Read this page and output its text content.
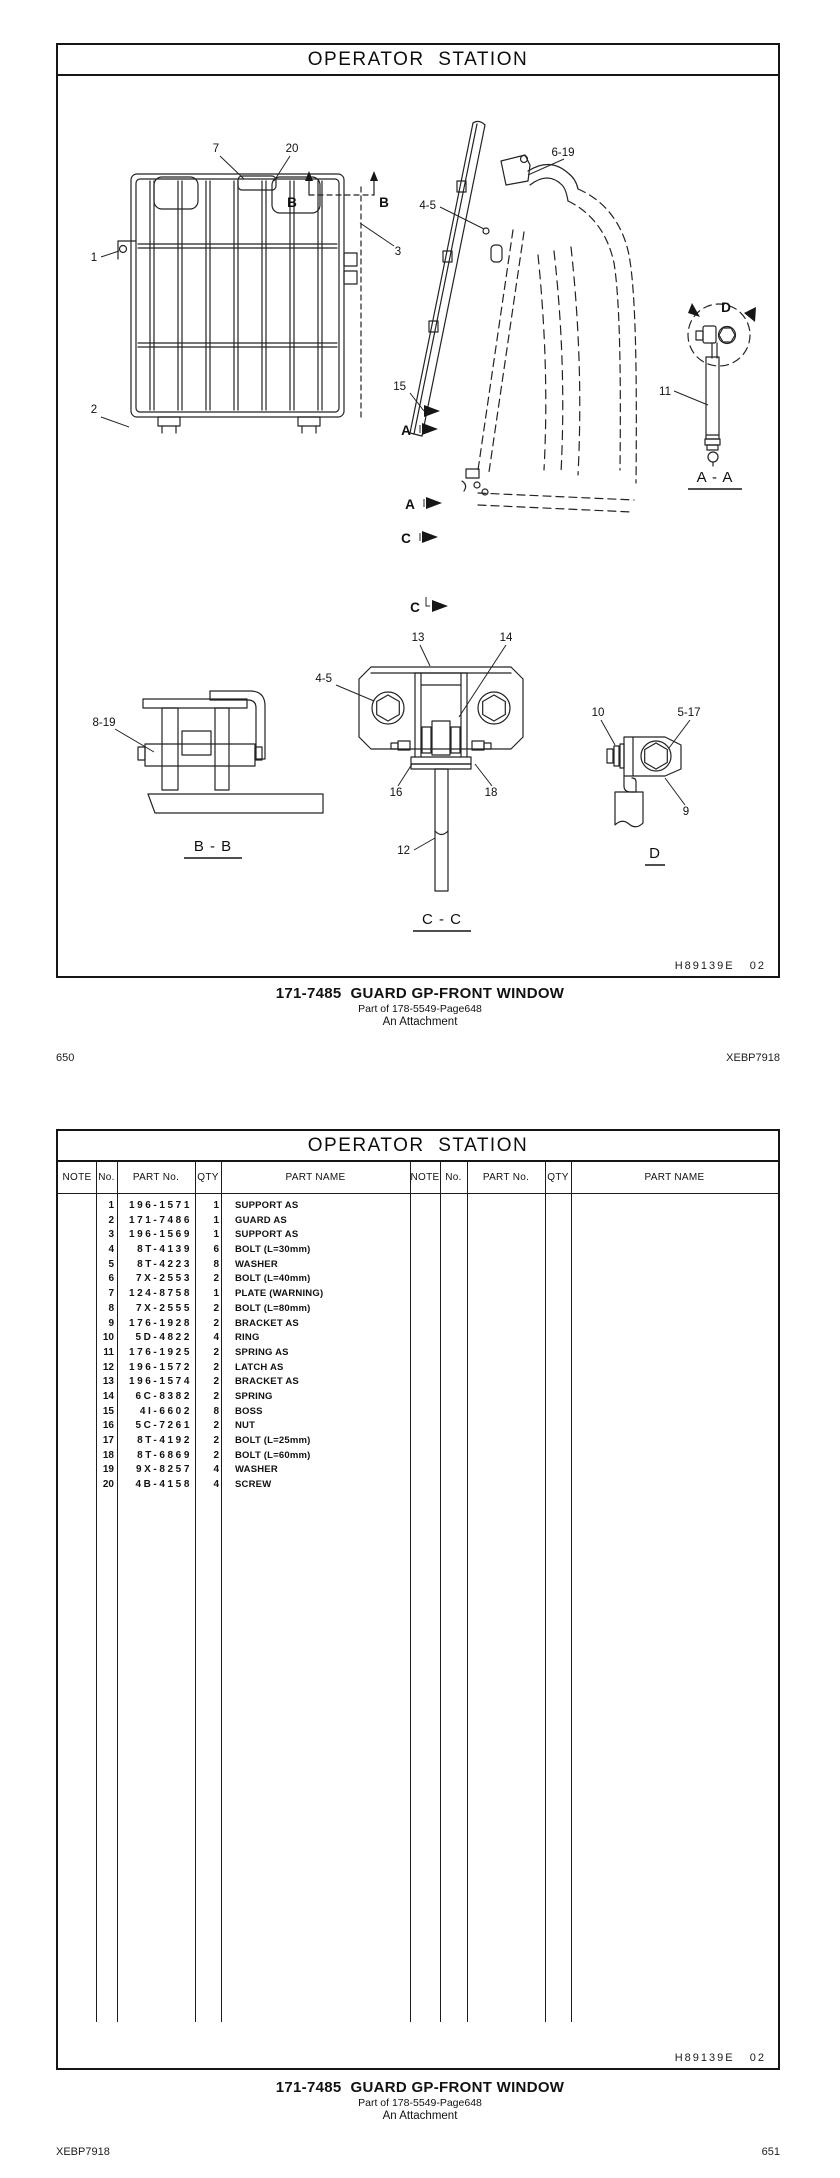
OPERATOR  STATION
1
2
3
7	20
4-5
6-19
15	11
8-19
13	14
4-5
16	18
12
10	5-17
9
B	B
A
A
C
C
D
B - B
C - C
A - A
D
H89139E   02
171-7485  GUARD GP-FRONT WINDOW
Part of 178-5549-Page648
An Attachment
650	XEBP7918
OPERATOR  STATION
NOTE No.	PART No.	QTY	PART NAME	NOTE No.	PART No.	QTY	PART NAME
1	196-1571	1	SUPPORT AS
2	171-7486	1	GUARD AS
3	196-1569	1	SUPPORT AS
4	8T-4139	6	BOLT (L=30mm)
5	8T-4223	8	WASHER
6	7X-2553	2	BOLT (L=40mm)
7	124-8758	1	PLATE (WARNING)
8	7X-2555	2	BOLT (L=80mm)
9	176-1928	2	BRACKET AS
10	5D-4822	4	RING
11	176-1925	2	SPRING AS
12	196-1572	2	LATCH AS
13	196-1574	2	BRACKET AS
14	6C-8382	2	SPRING
15	4I-6602	8	BOSS
16	5C-7261	2	NUT
17	8T-4192	2	BOLT (L=25mm)
18	8T-6869	2	BOLT (L=60mm)
19	9X-8257	4	WASHER
20	4B-4158	4	SCREW
H89139E   02
171-7485  GUARD GP-FRONT WINDOW
Part of 178-5549-Page648
An Attachment
XEBP7918	651
